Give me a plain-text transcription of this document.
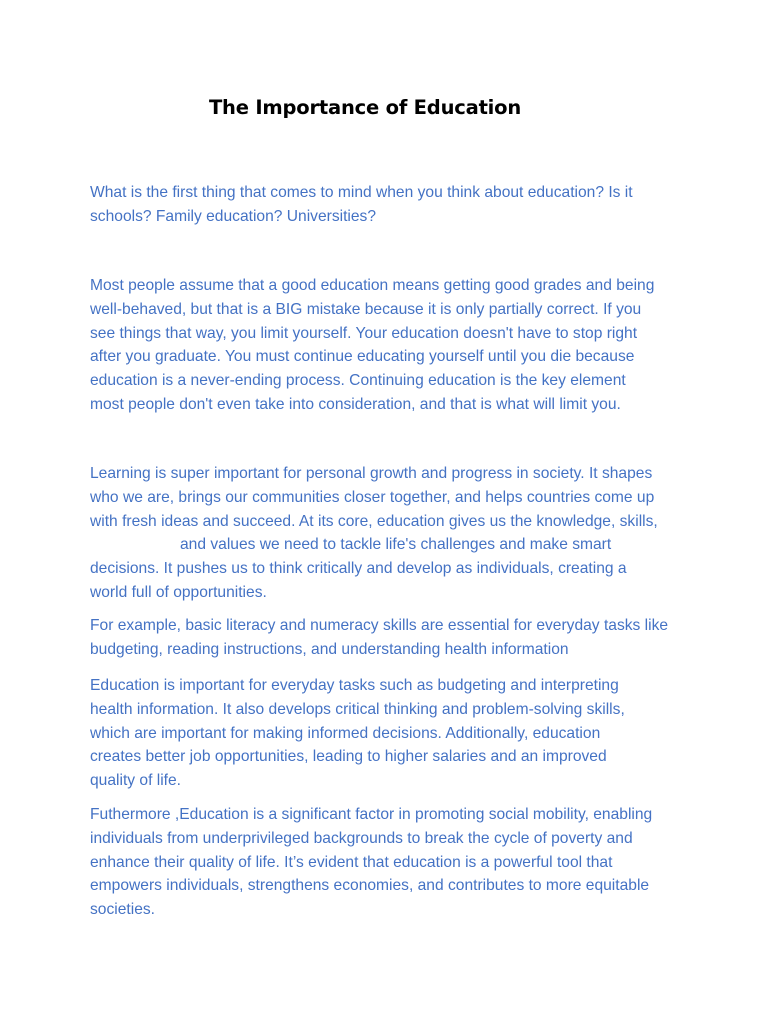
The Importance of Education
What is the first thing that comes to mind when you think about education? Is it
schools? Family education? Universities?
Most people assume that a good education means getting good grades and being
well-behaved, but that is a BIG mistake because it is only partially correct. If you
see things that way, you limit yourself. Your education doesn't have to stop right
after you graduate. You must continue educating yourself until you die because
education is a never-ending process. Continuing education is the key element
most people don't even take into consideration, and that is what will limit you.
Learning is super important for personal growth and progress in society. It shapes
who we are, brings our communities closer together, and helps countries come up
with fresh ideas and succeed. At its core, education gives us the knowledge, skills,
and values we need to tackle life's challenges and make smart
decisions. It pushes us to think critically and develop as individuals, creating a
world full of opportunities.
For example, basic literacy and numeracy skills are essential for everyday tasks like
budgeting, reading instructions, and understanding health information
Education is important for everyday tasks such as budgeting and interpreting
health information. It also develops critical thinking and problem-solving skills,
which are important for making informed decisions. Additionally, education
creates better job opportunities, leading to higher salaries and an improved
quality of life.
Futhermore ,Education is a significant factor in promoting social mobility, enabling
individuals from underprivileged backgrounds to break the cycle of poverty and
enhance their quality of life. It’s evident that education is a powerful tool that
empowers individuals, strengthens economies, and contributes to more equitable
societies.
